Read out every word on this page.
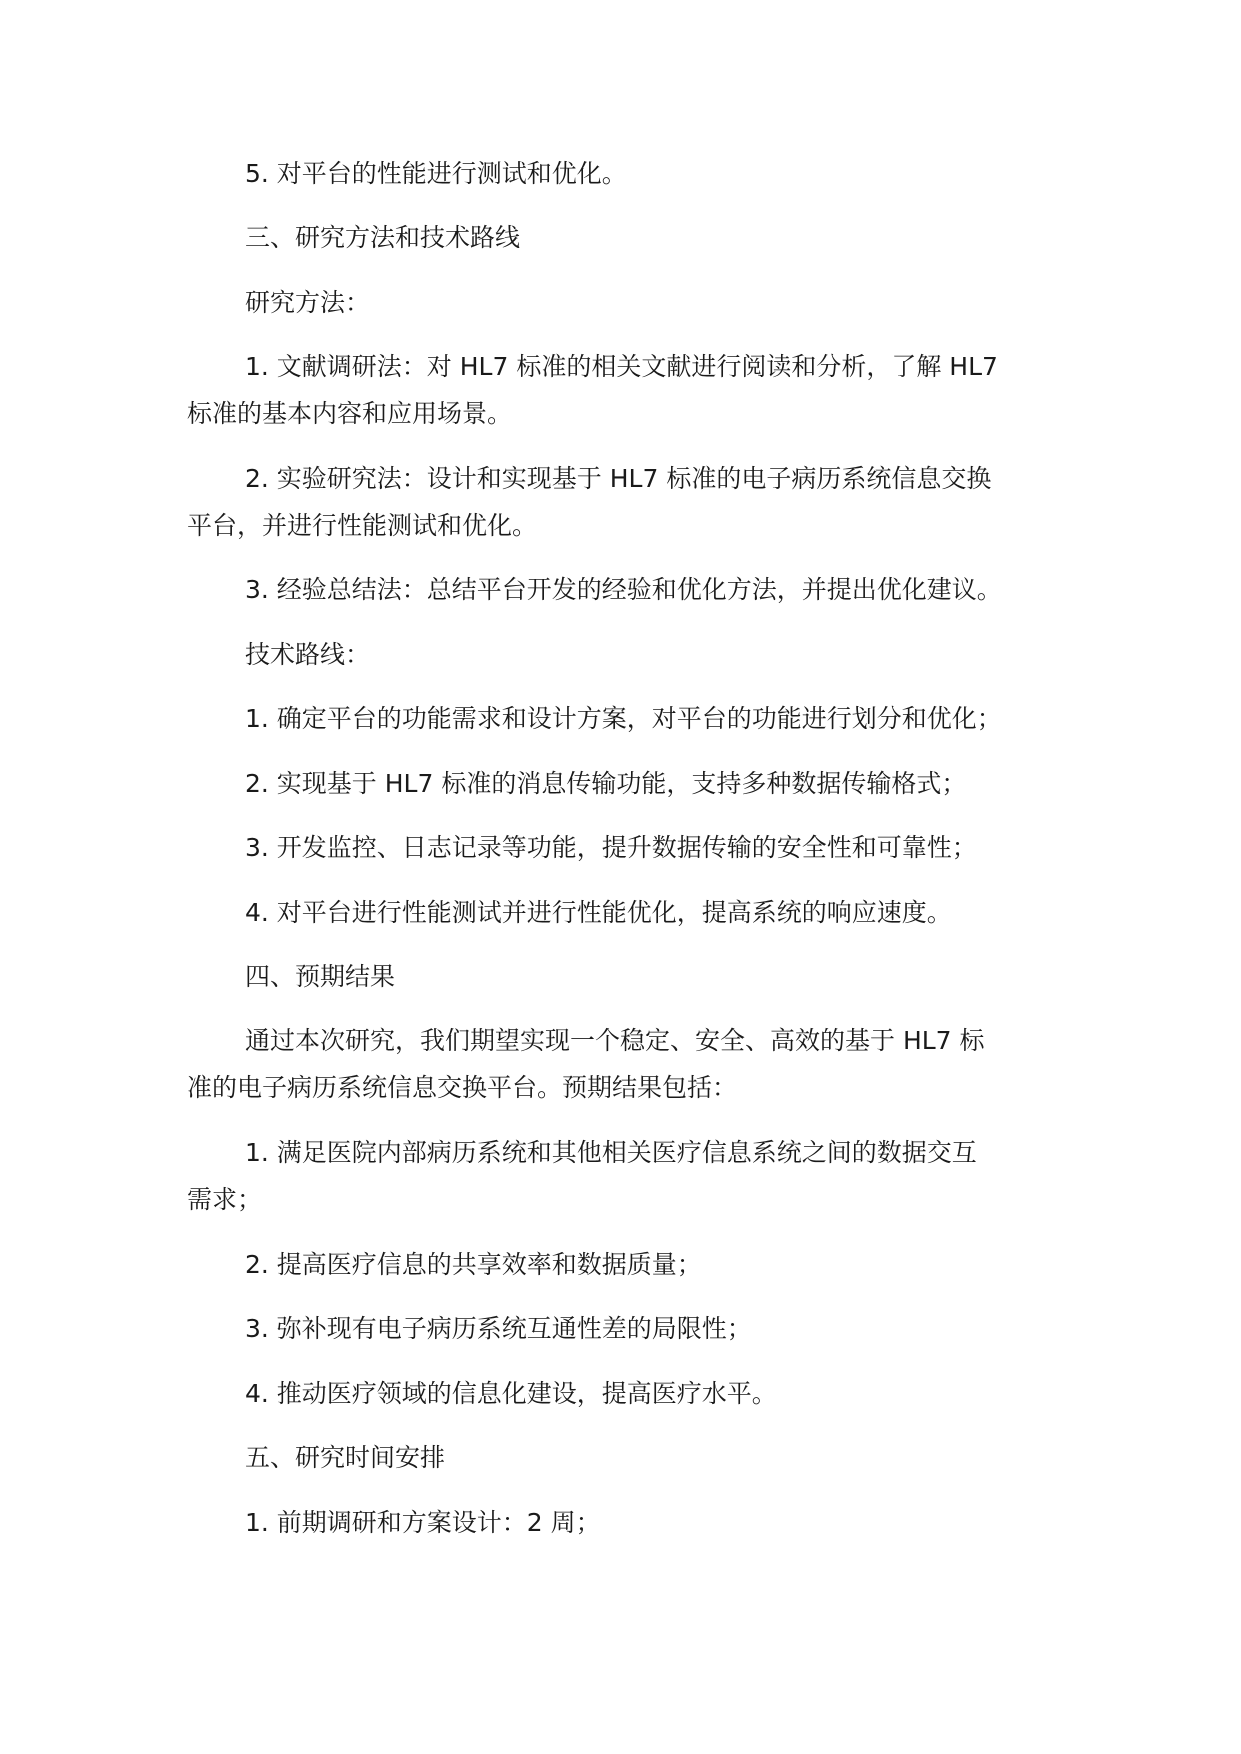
5. 对平台的性能进行测试和优化。

三、研究方法和技术路线

研究方法：

1. 文献调研法：对 HL7 标准的相关文献进行阅读和分析，了解 HL7

标准的基本内容和应用场景。

2. 实验研究法：设计和实现基于 HL7 标准的电子病历系统信息交换

平台，并进行性能测试和优化。

3. 经验总结法：总结平台开发的经验和优化方法，并提出优化建议。

技术路线：

1. 确定平台的功能需求和设计方案，对平台的功能进行划分和优化；

2. 实现基于 HL7 标准的消息传输功能，支持多种数据传输格式；

3. 开发监控、日志记录等功能，提升数据传输的安全性和可靠性；

4. 对平台进行性能测试并进行性能优化，提高系统的响应速度。

四、预期结果

通过本次研究，我们期望实现一个稳定、安全、高效的基于 HL7 标

准的电子病历系统信息交换平台。预期结果包括：

1. 满足医院内部病历系统和其他相关医疗信息系统之间的数据交互

需求；

2. 提高医疗信息的共享效率和数据质量；

3. 弥补现有电子病历系统互通性差的局限性；

4. 推动医疗领域的信息化建设，提高医疗水平。

五、研究时间安排

1. 前期调研和方案设计：2 周；
